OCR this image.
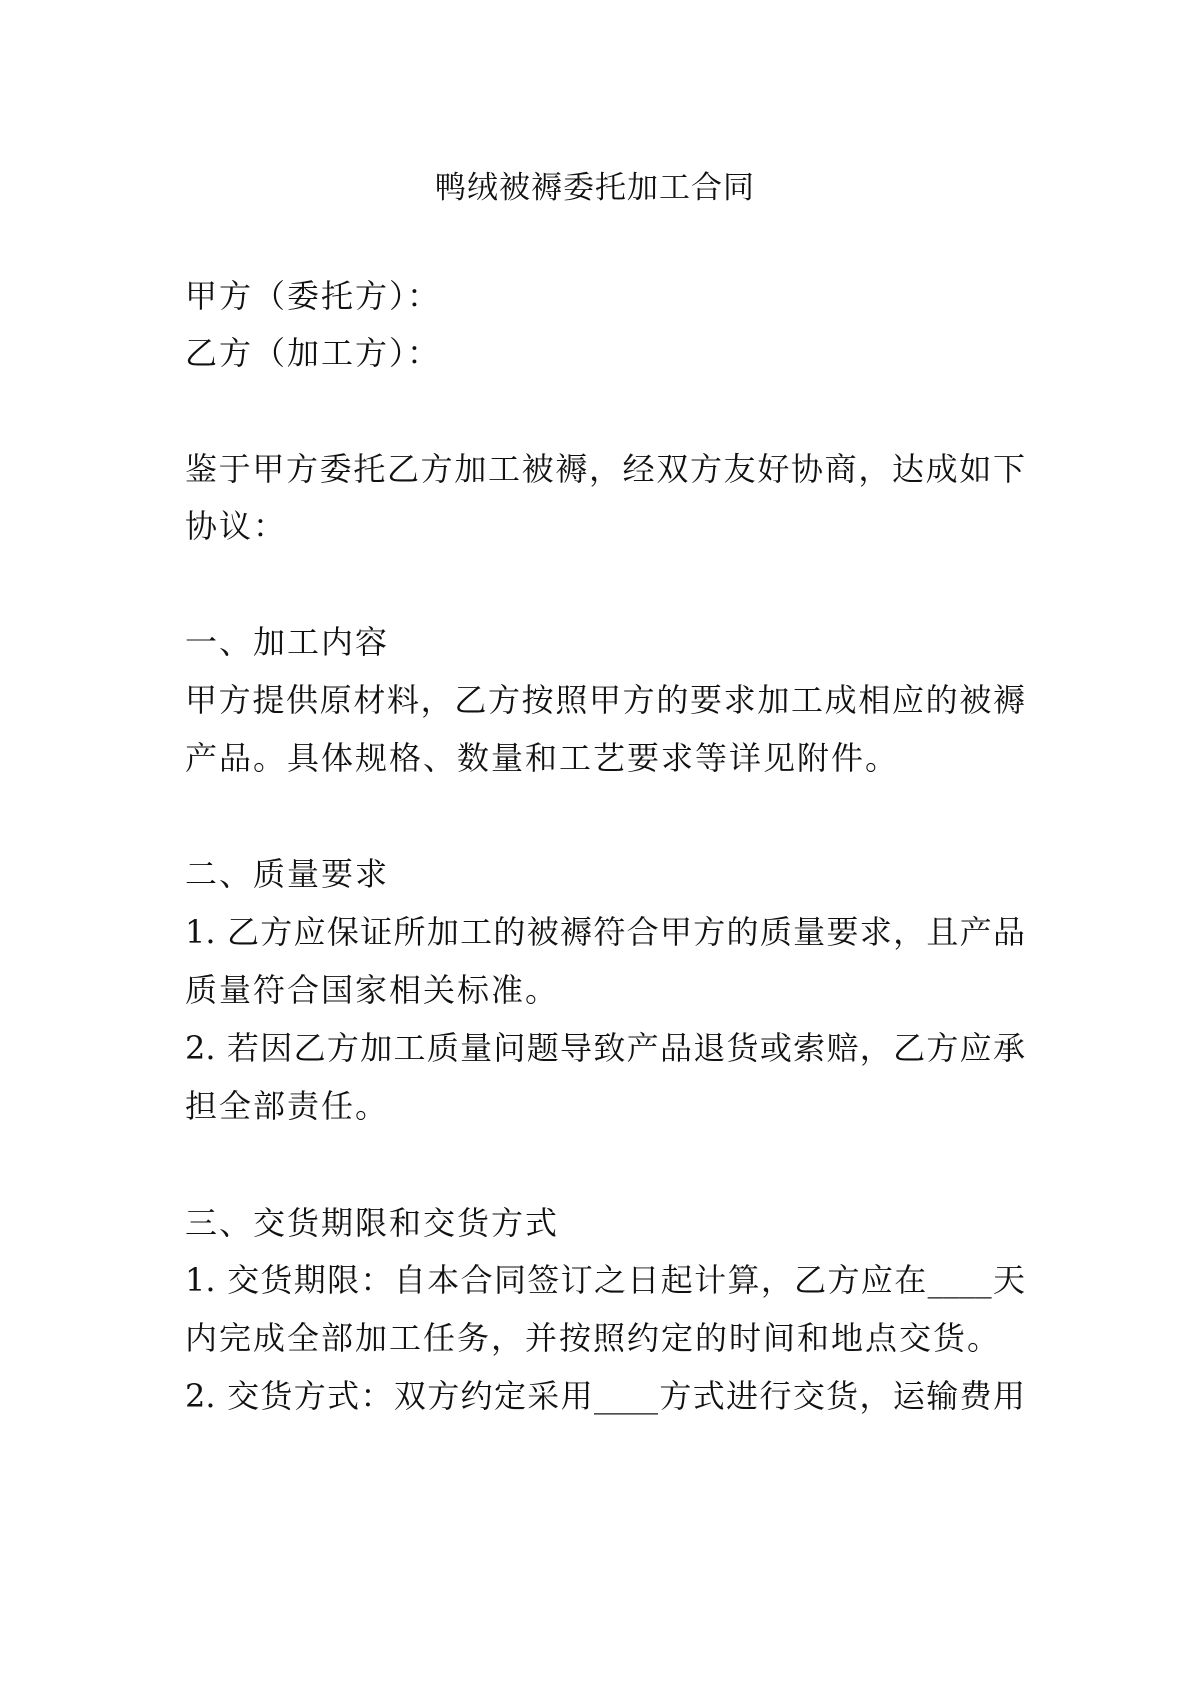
鸭绒被褥委托加工合同
甲方（委托方）：
乙方（加工方）：
鉴于甲方委托乙方加工被褥，经双方友好协商，达成如下
协议：
一、加工内容
甲方提供原材料，乙方按照甲方的要求加工成相应的被褥
产品。具体规格、数量和工艺要求等详见附件。
二、质量要求
1. 乙方应保证所加工的被褥符合甲方的质量要求，且产品
质量符合国家相关标准。
2. 若因乙方加工质量问题导致产品退货或索赔，乙方应承
担全部责任。
三、交货期限和交货方式
1. 交货期限：自本合同签订之日起计算，乙方应在____天
内完成全部加工任务，并按照约定的时间和地点交货。
2. 交货方式：双方约定采用____方式进行交货，运输费用
